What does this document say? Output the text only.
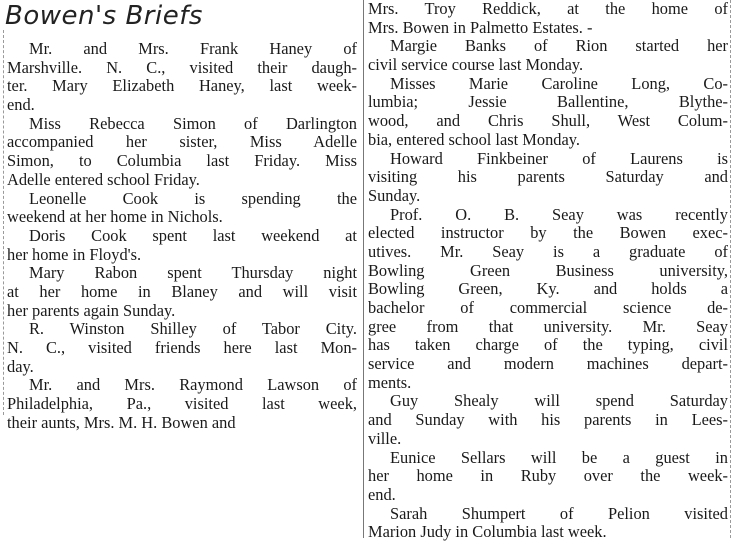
Bowen's Briefs
Mr. and Mrs. Frank Haney of
Marshville. N. C., visited their daugh-
ter. Mary Elizabeth Haney, last week-
end.
Miss Rebecca Simon of Darlington
accompanied her sister, Miss Adelle
Simon, to Columbia last Friday. Miss
Adelle entered school Friday.
Leonelle Cook is spending the
weekend at her home in Nichols.
Doris Cook spent last weekend at
her home in Floyd's.
Mary Rabon spent Thursday night
at her home in Blaney and will visit
her parents again Sunday.
R. Winston Shilley of Tabor City.
N. C., visited friends here last Mon-
day.
Mr. and Mrs. Raymond Lawson of
Philadelphia, Pa., visited last week,
their aunts, Mrs. M. H. Bowen and
Mrs. Troy Reddick, at the home of
Mrs. Bowen in Palmetto Estates. -
Margie Banks of Rion started her
civil service course last Monday.
Misses Marie Caroline Long, Co-
lumbia; Jessie Ballentine, Blythe-
wood, and Chris Shull, West Colum-
bia, entered school last Monday.
Howard Finkbeiner of Laurens is
visiting his parents Saturday and
Sunday.
Prof. O. B. Seay was recently
elected instructor by the Bowen exec-
utives. Mr. Seay is a graduate of
Bowling Green Business university,
Bowling Green, Ky. and holds a
bachelor of commercial science de-
gree from that university. Mr. Seay
has taken charge of the typing, civil
service and modern machines depart-
ments.
Guy Shealy will spend Saturday
and Sunday with his parents in Lees-
ville.
Eunice Sellars will be a guest in
her home in Ruby over the week-
end.
Sarah Shumpert of Pelion visited
Marion Judy in Columbia last week.
